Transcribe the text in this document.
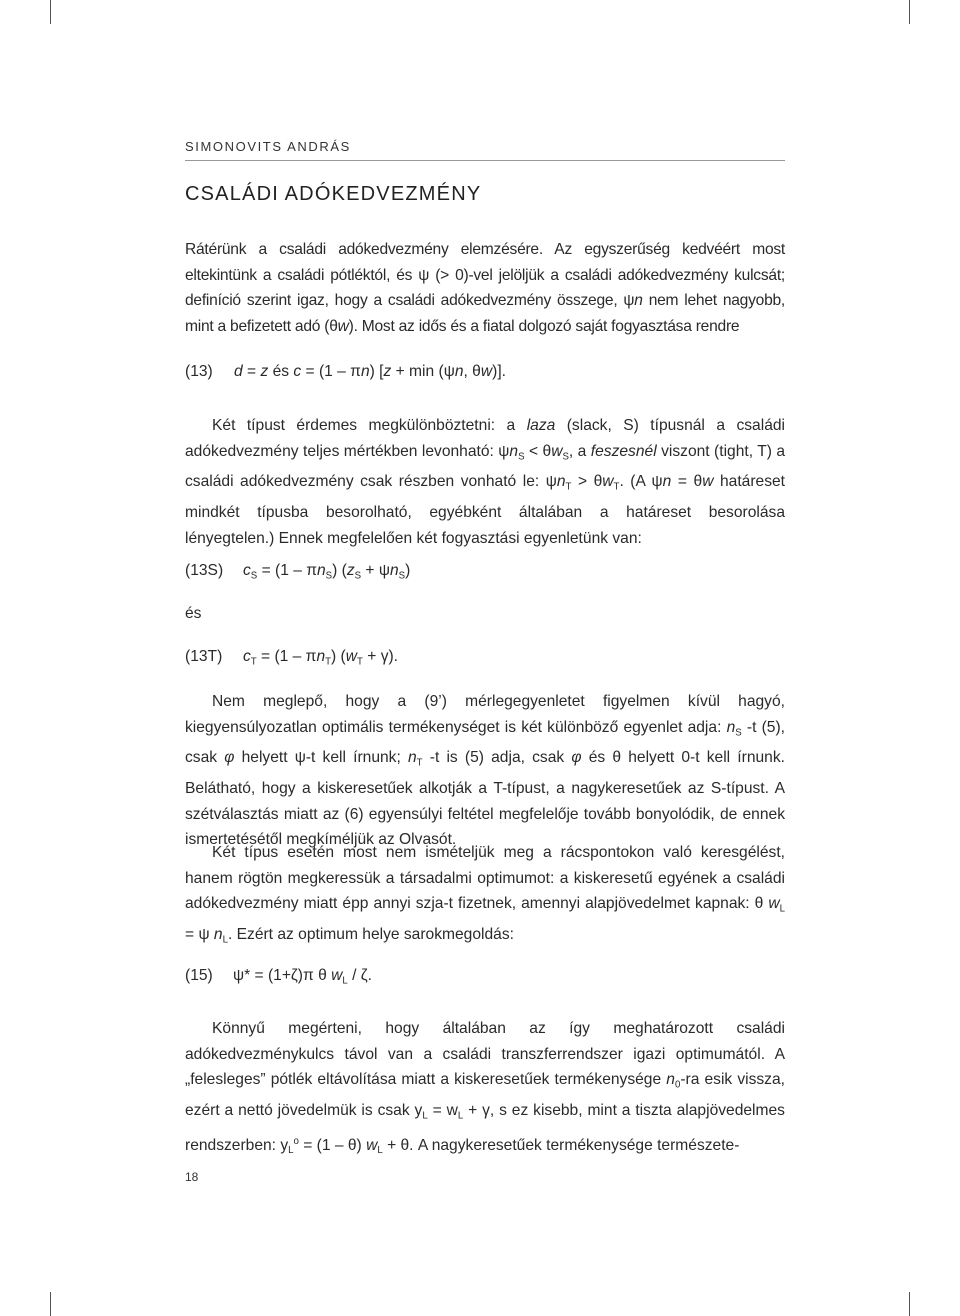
SIMONOVITS ANDRÁS
CSALÁDI ADÓKEDVEZMÉNY
Rátérünk a családi adókedvezmény elemzésére. Az egyszerűség kedvéért most eltekintünk a családi pótléktól, és ψ (> 0)-vel jelöljük a családi adókedvezmény kulcsát; definíció szerint igaz, hogy a családi adókedvezmény összege, ψn nem lehet nagyobb, mint a befizetett adó (θw). Most az idős és a fiatal dolgozó saját fogyasztása rendre
(13) d = z és c = (1 – πn) [z + min (ψn, θw)].
Két típust érdemes megkülönböztetni: a laza (slack, S) típusnál a családi adókedvezmény teljes mértékben levonható: $\psi n_S < \theta w_S$, a feszesnél viszont (tight, T) a családi adókedvezmény csak részben vonható le: $\psi n_T > \theta w_T$. (A ψn = θw határeset mindkét típusba besorolható, egyébként általában a határeset besorolása lényegtelen.) Ennek megfelelően két fogyasztási egyenletünk van:
(13S) $c_S = (1 - \pi n_S) (z_S + \psi n_S)$
és
(13T) $c_T = (1 - \pi n_T) (w_T + \gamma)$.
Nem meglepő, hogy a (9’) mérlegegyenletet figyelmen kívül hagyó, kiegyensúlyozatlan optimális termékenységet is két különböző egyenlet adja: $n_S$ -t (5), csak φ helyett ψ-t kell írnunk; $n_T$ -t is (5) adja, csak φ és θ helyett 0-t kell írnunk. Belátható, hogy a kiskeresetűek alkotják a T-típust, a nagykeresetűek az S-típust. A szétválasztás miatt az (6) egyensúlyi feltétel megfelelője tovább bonyolódik, de ennek ismertetésétől megkíméljük az Olvasót.
Két típus esetén most nem ismételjük meg a rácspontokon való keresgélést, hanem rögtön megkeressük a társadalmi optimumot: a kiskeresetű egyének a családi adókedvezmény miatt épp annyi szja-t fizetnek, amennyi alapjövedelmet kapnak: θ $w_L = \psi$ $n_L$. Ezért az optimum helye sarokmegoldás:
(15) ψ* = (1+ζ)π θ $w_L$ / ζ.
Könnyű megérteni, hogy általában az így meghatározott családi adókedvezménykulcs távol van a családi transzferrendszer igazi optimumától. A „felesleges” pótlék eltávolítása miatt a kiskeresetűek termékenysége $n_0-ra$ esik vissza, ezért a nettó jövedelmük is csak $y_L = w_L + \gamma$, s ez kisebb, mint a tiszta alapjövedelmes rendszerben: $y_L^o = (1 - \theta) w_L + \theta$. A nagykeresetűek termékenysége természete-
18
